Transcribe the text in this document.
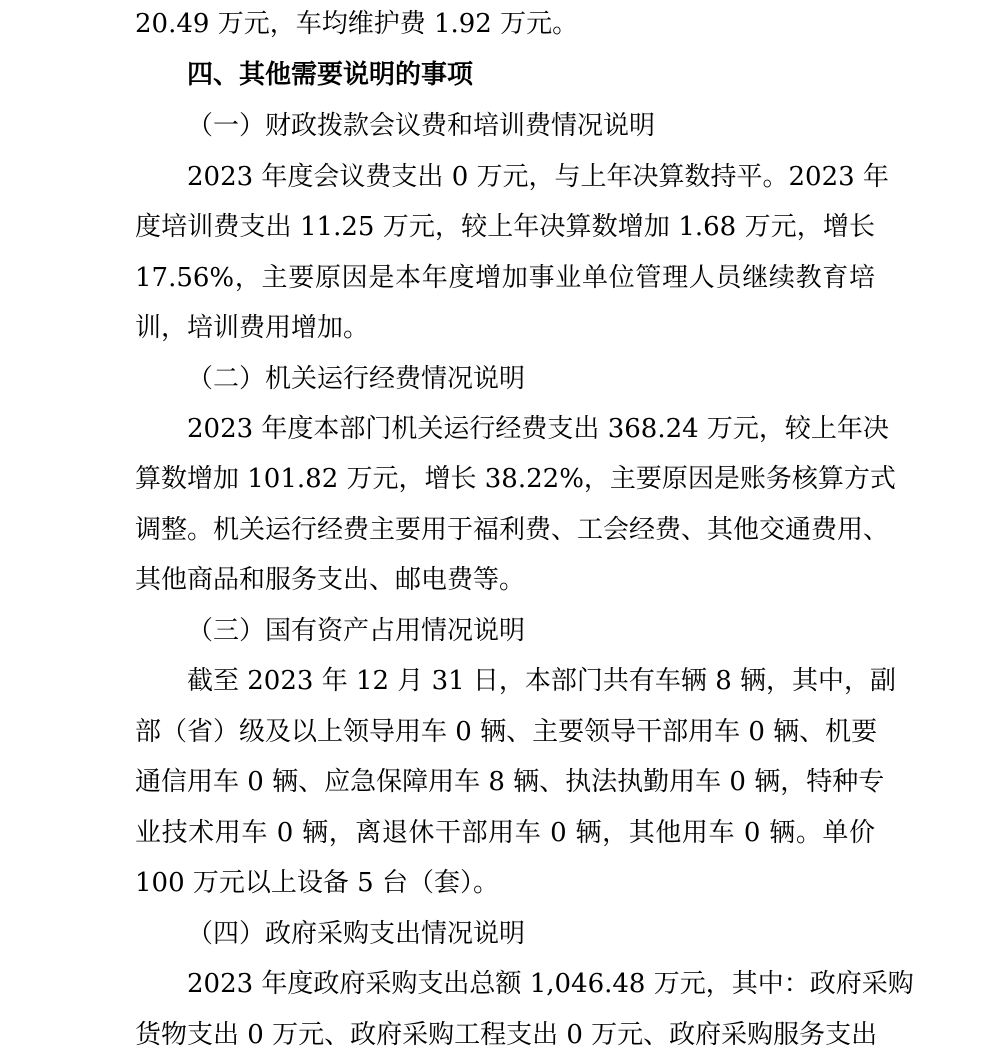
20.49 万元，车均维护费 1.92 万元。
四、其他需要说明的事项
（一）财政拨款会议费和培训费情况说明
2023 年度会议费支出 0 万元，与上年决算数持平。2023 年
度培训费支出 11.25 万元，较上年决算数增加 1.68 万元，增长
17.56%，主要原因是本年度增加事业单位管理人员继续教育培
训，培训费用增加。
（二）机关运行经费情况说明
2023 年度本部门机关运行经费支出 368.24 万元，较上年决
算数增加 101.82 万元，增长 38.22%，主要原因是账务核算方式
调整。机关运行经费主要用于福利费、工会经费、其他交通费用、
其他商品和服务支出、邮电费等。
（三）国有资产占用情况说明
截至 2023 年 12 月 31 日，本部门共有车辆 8 辆，其中，副
部（省）级及以上领导用车 0 辆、主要领导干部用车 0 辆、机要
通信用车 0 辆、应急保障用车 8 辆、执法执勤用车 0 辆，特种专
业技术用车 0 辆，离退休干部用车 0 辆，其他用车 0 辆。单价
100 万元以上设备 5 台（套）。
（四）政府采购支出情况说明
2023 年度政府采购支出总额 1,046.48 万元，其中：政府采购
货物支出 0 万元、政府采购工程支出 0 万元、政府采购服务支出
